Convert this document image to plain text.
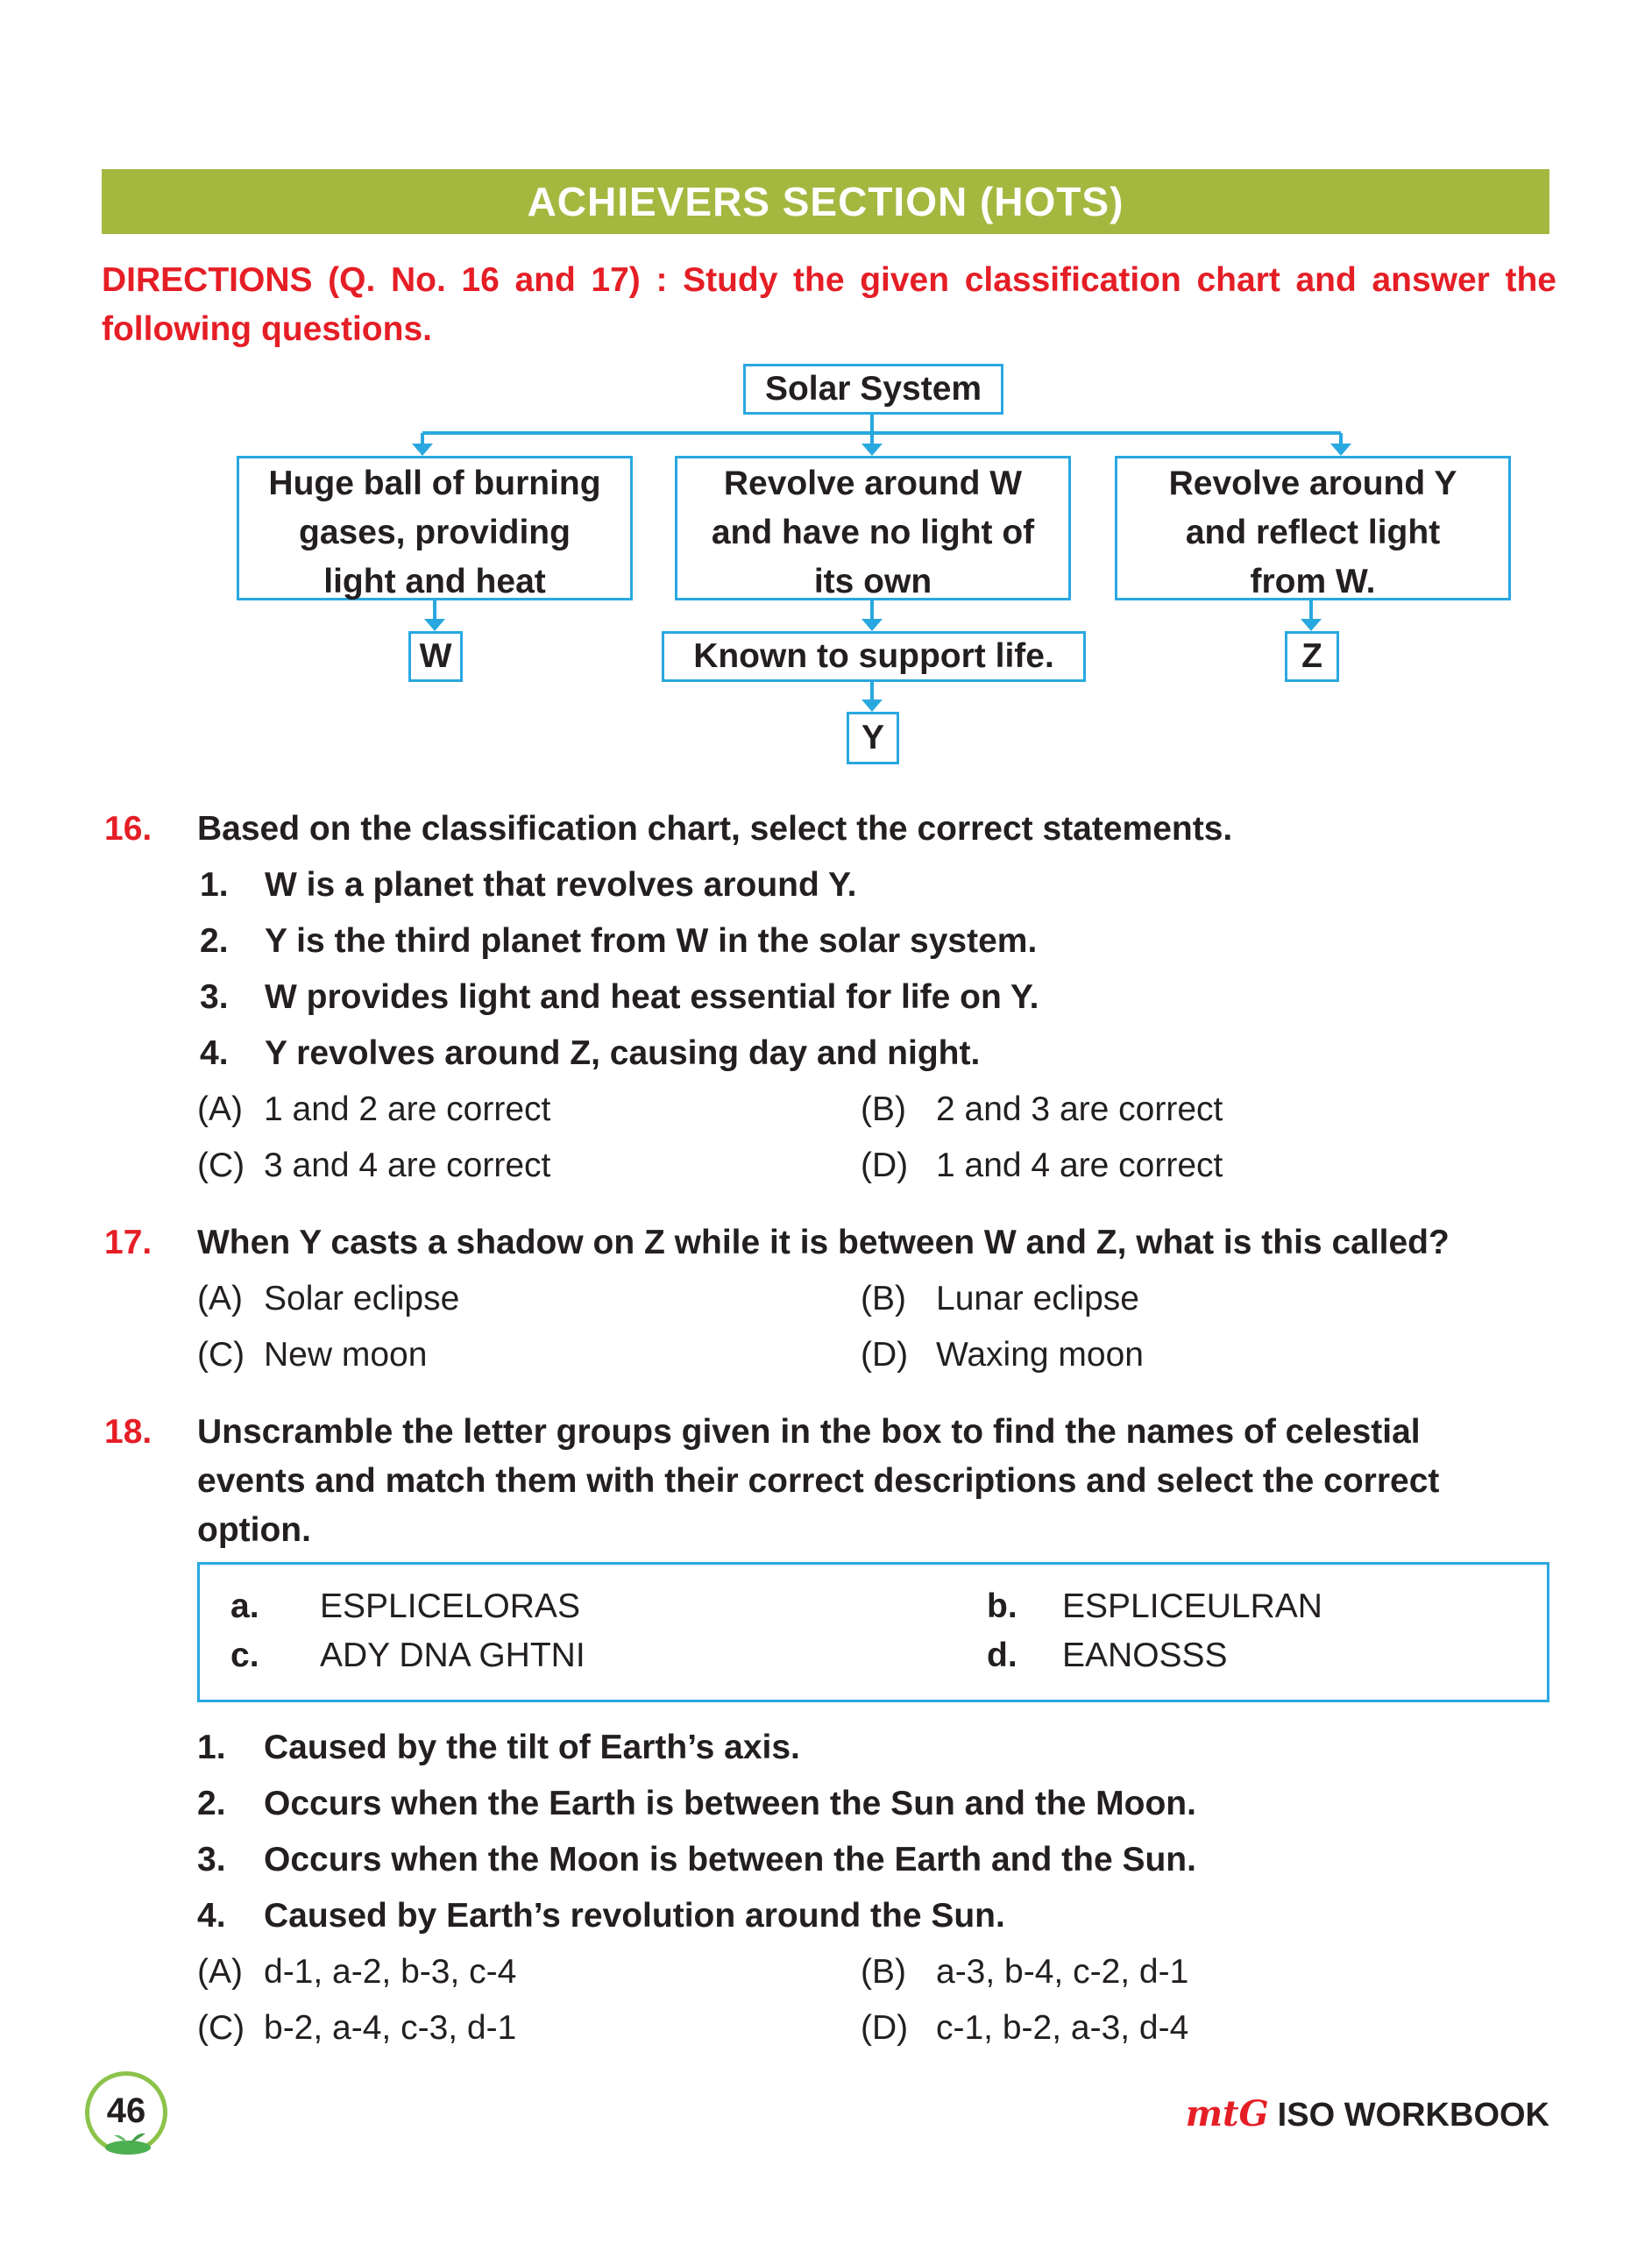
ACHIEVERS SECTION (HOTS)
DIRECTIONS (Q. No. 16 and 17) : Study the given classification chart and answer the following questions.
Solar System
Huge ball of burning
gases, providing
light and heat
Revolve around W
and have no light of
its own
Revolve around Y
and reflect light
from W.
W	Known to support life.
Y
Z
16. Based on the classification chart, select the correct statements.
1. W is a planet that revolves around Y.
2. Y is the third planet from W in the solar system.
3. W provides light and heat essential for life on Y.
4. Y revolves around Z, causing day and night.
(A) 1 and 2 are correct	(B) 2 and 3 are correct
(C) 3 and 4 are correct	(D) 1 and 4 are correct
17. When Y casts a shadow on Z while it is between W and Z, what is this called?
(A) Solar eclipse	(B) Lunar eclipse
(C) New moon	(D) Waxing moon
18. Unscramble the letter groups given in the box to find the names of celestial
events and match them with their correct descriptions and select the correct
option.
a. ESPLICELORAS	b. ESPLICEULRAN
c. ADY DNA GHTNI	d. EANOSSS
1. Caused by the tilt of Earth’s axis.
2. Occurs when the Earth is between the Sun and the Moon.
3. Occurs when the Moon is between the Earth and the Sun.
4. Caused by Earth’s revolution around the Sun.
(A) d-1, a-2, b-3, c-4	(B) a-3, b-4, c-2, d-1
(C) b-2, a-4, c-3, d-1	(D) c-1, b-2, a-3, d-4
46	mtG ISO WORKBOOK
